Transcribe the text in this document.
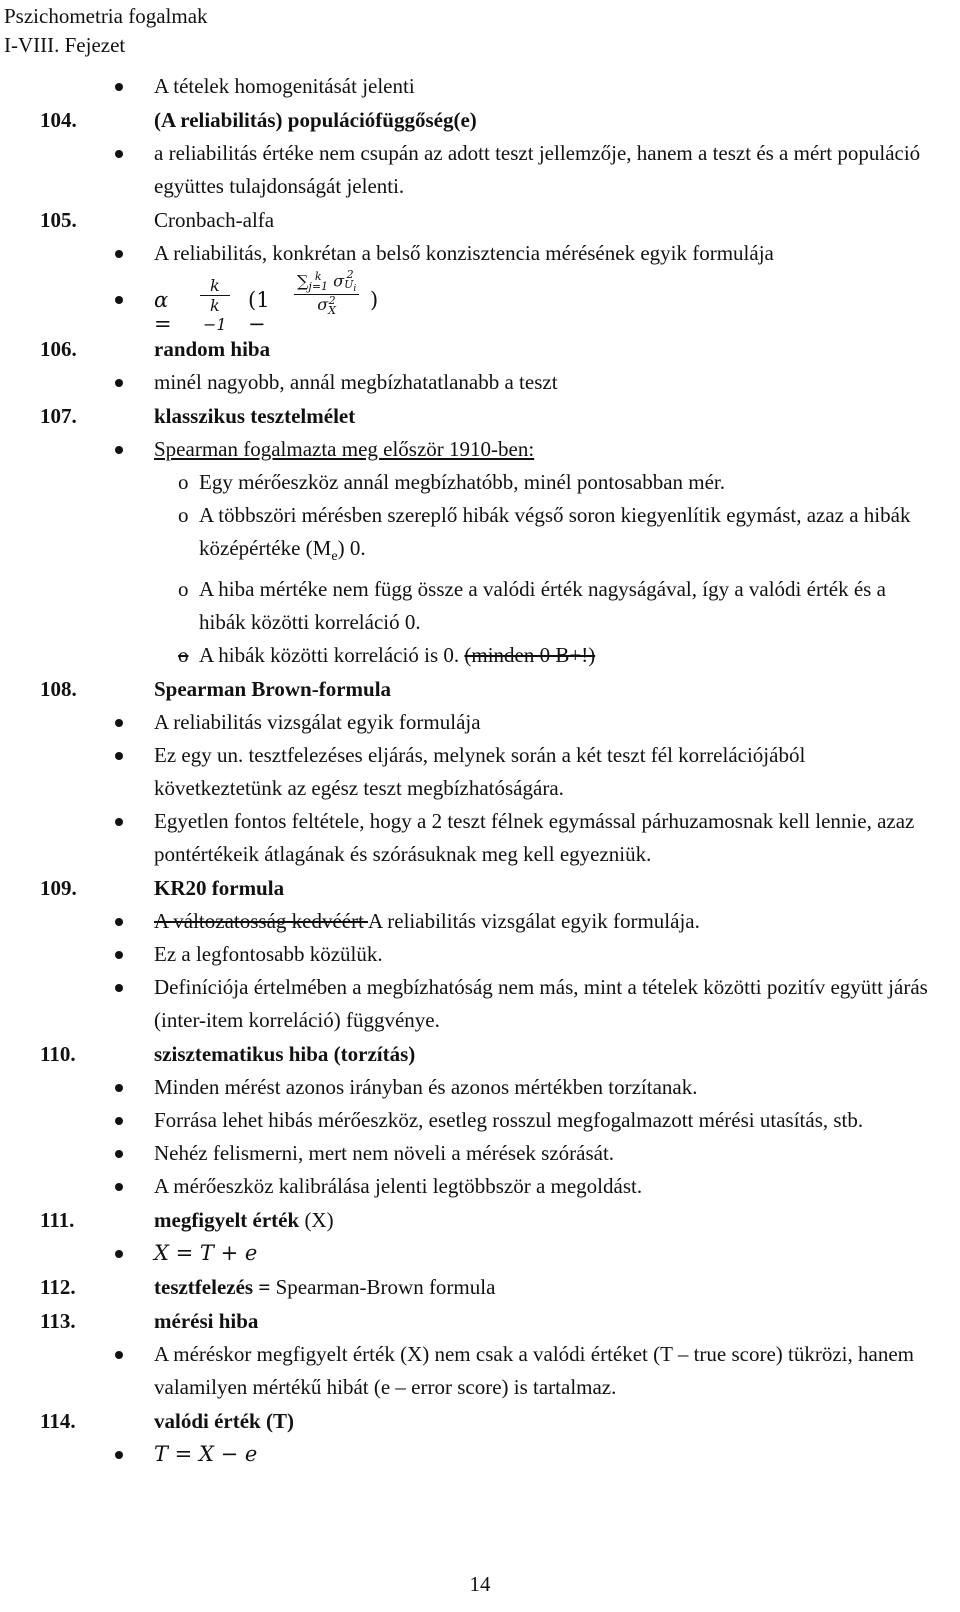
Pszichometria fogalmak
I-VIII. Fejezet
A tételek homogenitását jelenti
104.	(A reliabilitás) populációfüggőség(e)
a reliabilitás értéke nem csupán az adott teszt jellemzője, hanem a teszt és a mért populáció együttes tulajdonságát jelenti.
105.	Cronbach-alfa
A reliabilitás, konkrétan a belső konzisztencia mérésének egyik formulája
$\alpha = \frac{k}{k -1} (1$ −
∑ k
j=1 σ 2
$U_i$
σ 2
X )
106.	random hiba
minél nagyobb, annál megbízhatatlanabb a teszt
107.	klasszikus tesztelmélet
Spearman fogalmazta meg először 1910-ben:
o Egy mérőeszköz annál megbízhatóbb, minél pontosabban mér.
o A többszöri mérésben szereplő hibák végső soron kiegyenlítik egymást, azaz a hibák középértéke $(M_e)$ 0.
o A hiba mértéke nem függ össze a valódi érték nagyságával, így a valódi érték és a hibák közötti korreláció 0.
o A hibák közötti korreláció is 0. (minden 0 B+!)
108.	Spearman Brown-formula
A reliabilitás vizsgálat egyik formulája
Ez egy un. tesztfelezéses eljárás, melynek során a két teszt fél korrelációjából következtetünk az egész teszt megbízhatóságára.
Egyetlen fontos feltétele, hogy a 2 teszt félnek egymással párhuzamosnak kell lennie, azaz pontértékeik átlagának és szórásuknak meg kell egyezniük.
109.	KR20 formula
A változatosság kedvéért A reliabilitás vizsgálat egyik formulája.
Ez a legfontosabb közülük.
Definíciója értelmében a megbízhatóság nem más, mint a tételek közötti pozitív együtt járás (inter-item korreláció) függvénye.
110.	szisztematikus hiba (torzítás)
Minden mérést azonos irányban és azonos mértékben torzítanak.
Forrása lehet hibás mérőeszköz, esetleg rosszul megfogalmazott mérési utasítás, stb.
Nehéz felismerni, mert nem növeli a mérések szórását.
A mérőeszköz kalibrálása jelenti legtöbbször a megoldást.
111.	megfigyelt érték (X)
X = T + e
112.	tesztfelezés = Spearman-Brown formula
113.	mérési hiba
A méréskor megfigyelt érték (X) nem csak a valódi értéket (T – true score) tükrözi, hanem valamilyen mértékű hibát (e – error score) is tartalmaz.
114.	valódi érték (T)
T = X − e
14
